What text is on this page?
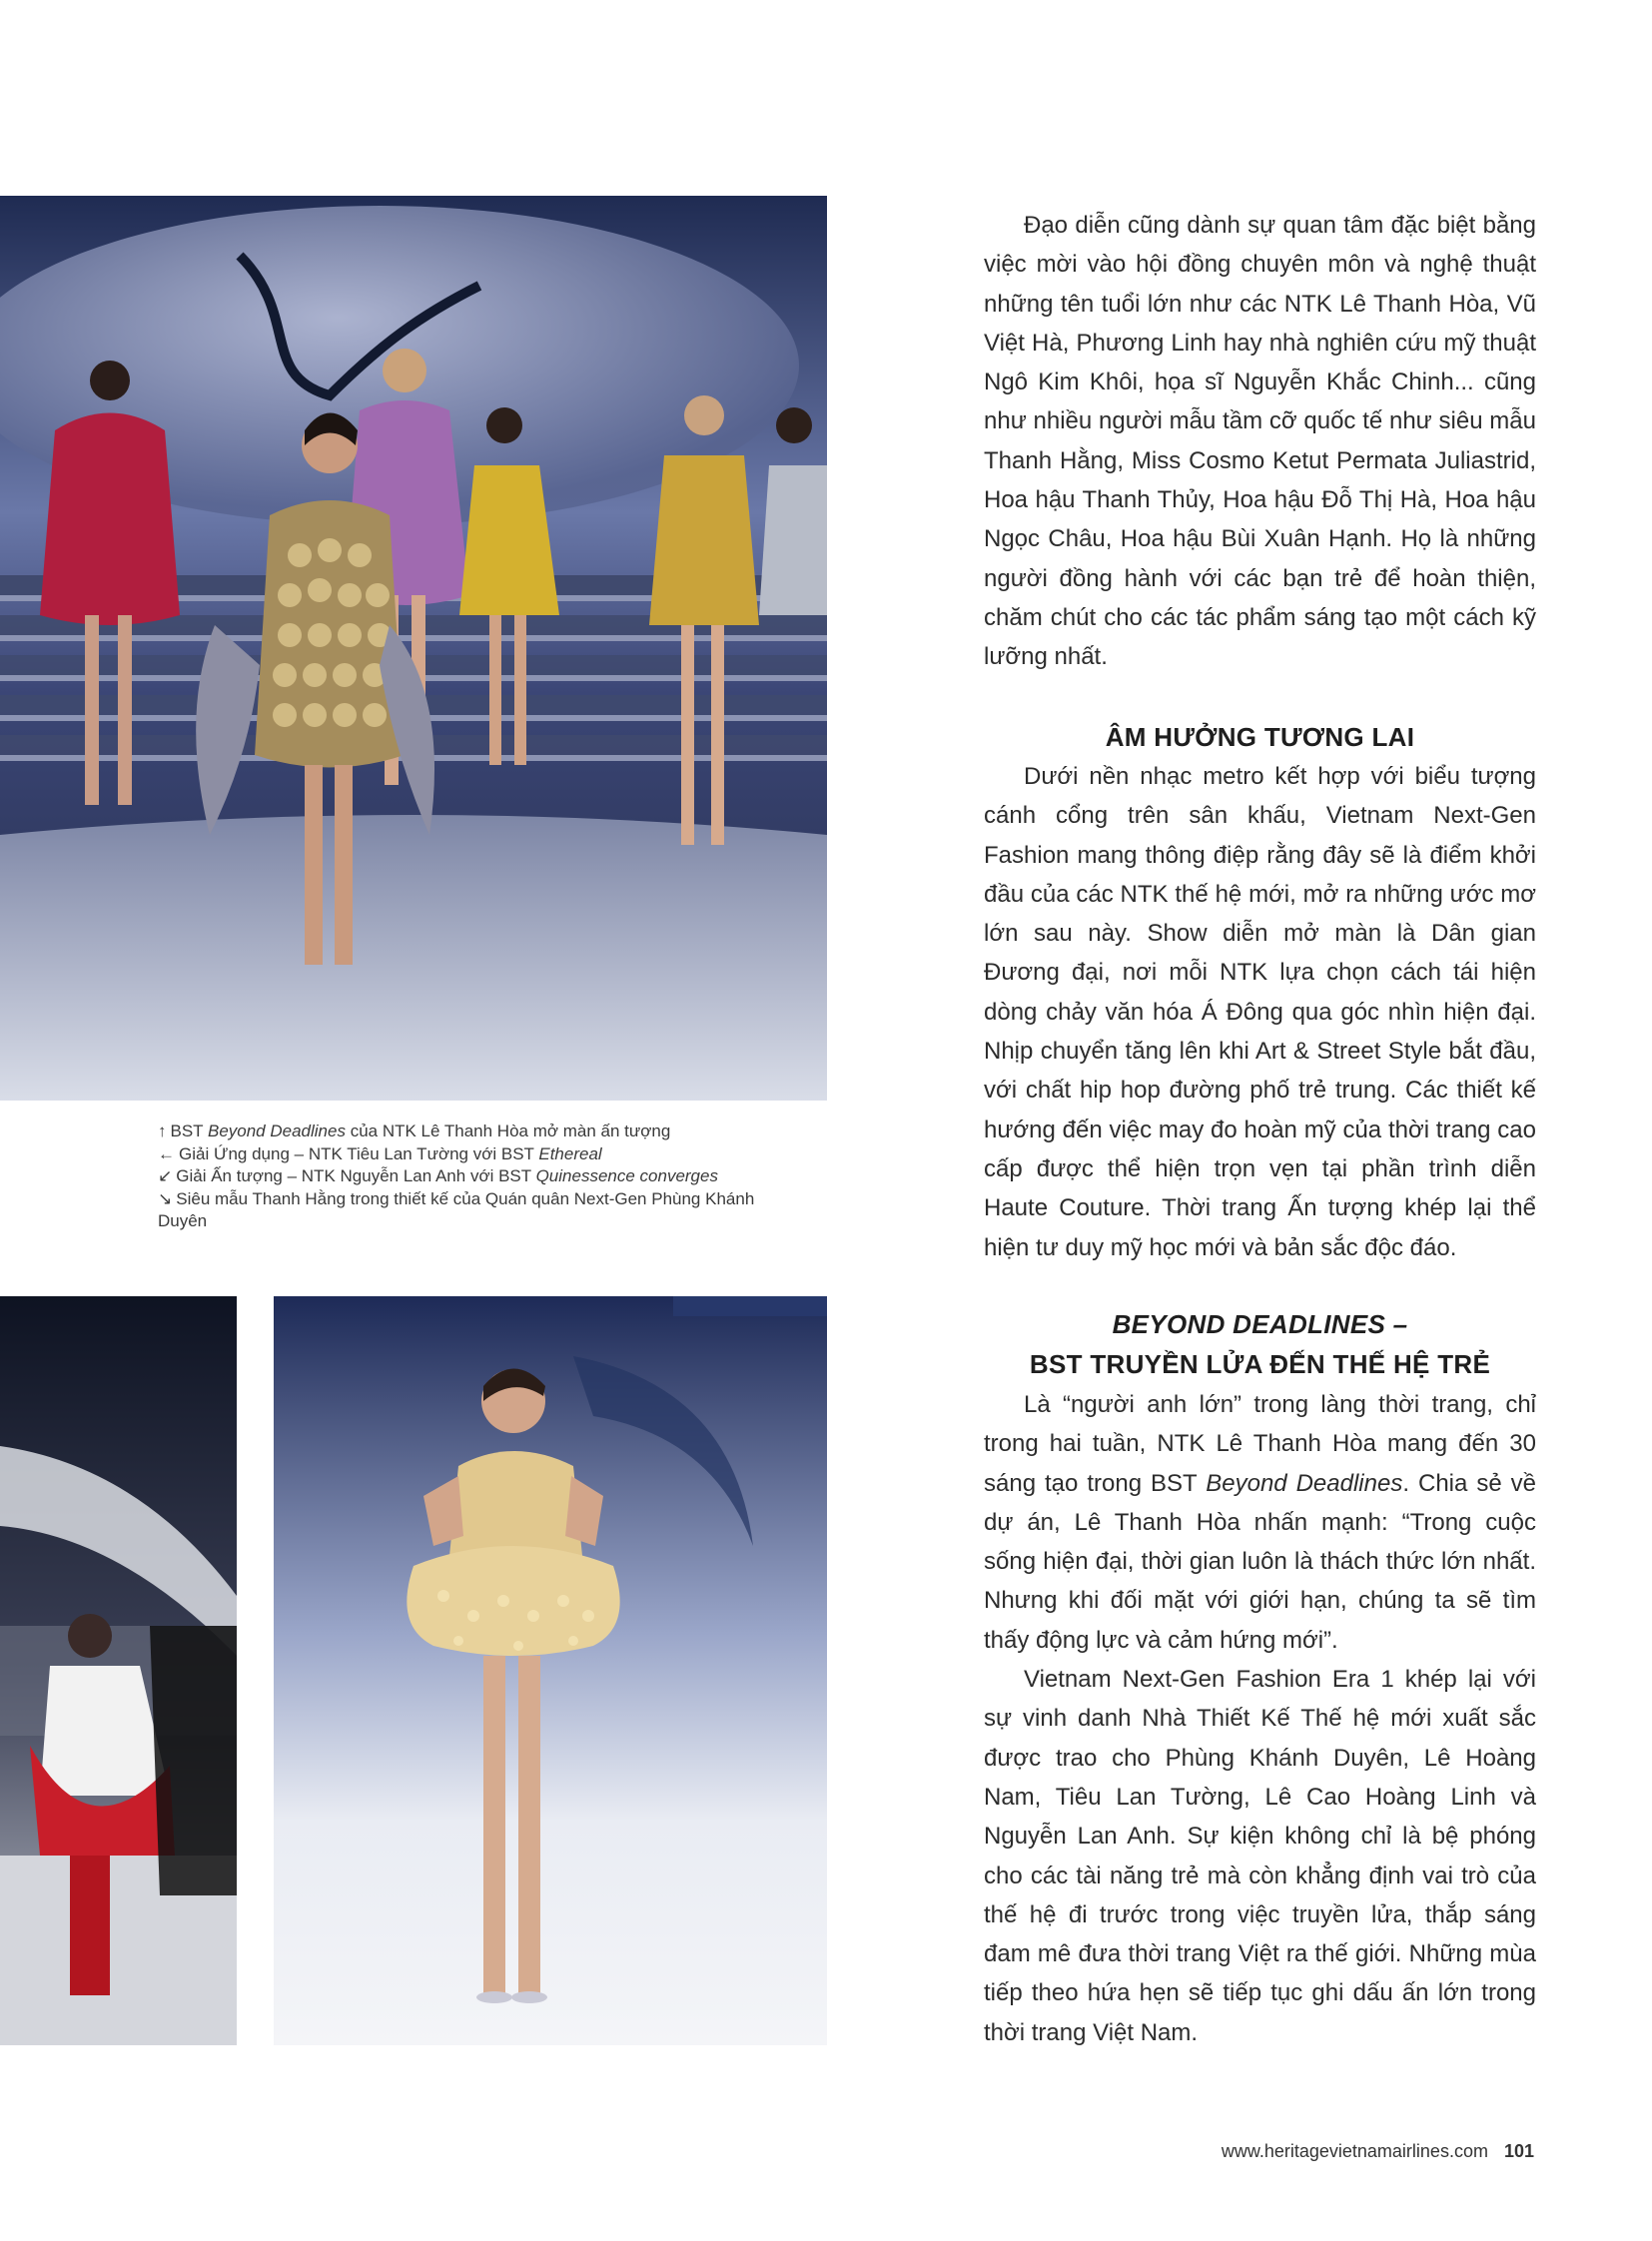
↑ BST Beyond Deadlines của NTK Lê Thanh Hòa mở màn ấn tượng

← Giải Ứng dụng – NTK Tiêu Lan Tường với BST Ethereal

↙ Giải Ấn tượng – NTK Nguyễn Lan Anh với BST Quinessence converges

↘ Siêu mẫu Thanh Hằng trong thiết kế của Quán quân Next-Gen Phùng Khánh Duyên

Đạo diễn cũng dành sự quan tâm đặc biệt bằng việc mời vào hội đồng chuyên môn và nghệ thuật những tên tuổi lớn như các NTK Lê Thanh Hòa, Vũ Việt Hà, Phương Linh hay nhà nghiên cứu mỹ thuật Ngô Kim Khôi, họa sĩ Nguyễn Khắc Chinh... cũng như nhiều người mẫu tầm cỡ quốc tế như siêu mẫu Thanh Hằng, Miss Cosmo Ketut Permata Juliastrid, Hoa hậu Thanh Thủy, Hoa hậu Đỗ Thị Hà, Hoa hậu Ngọc Châu, Hoa hậu Bùi Xuân Hạnh. Họ là những người đồng hành với các bạn trẻ để hoàn thiện, chăm chút cho các tác phẩm sáng tạo một cách kỹ lưỡng nhất.

ÂM HƯỞNG TƯƠNG LAI

Dưới nền nhạc metro kết hợp với biểu tượng cánh cổng trên sân khấu, Vietnam Next-Gen Fashion mang thông điệp rằng đây sẽ là điểm khởi đầu của các NTK thế hệ mới, mở ra những ước mơ lớn sau này. Show diễn mở màn là Dân gian Đương đại, nơi mỗi NTK lựa chọn cách tái hiện dòng chảy văn hóa Á Đông qua góc nhìn hiện đại. Nhịp chuyển tăng lên khi Art & Street Style bắt đầu, với chất hip hop đường phố trẻ trung. Các thiết kế hướng đến việc may đo hoàn mỹ của thời trang cao cấp được thể hiện trọn vẹn tại phần trình diễn Haute Couture. Thời trang Ấn tượng khép lại thể hiện tư duy mỹ học mới và bản sắc độc đáo.

BEYOND DEADLINES –
BST TRUYỀN LỬA ĐẾN THẾ HỆ TRẺ

Là “người anh lớn” trong làng thời trang, chỉ trong hai tuần, NTK Lê Thanh Hòa mang đến 30 sáng tạo trong BST Beyond Deadlines. Chia sẻ về dự án, Lê Thanh Hòa nhấn mạnh: “Trong cuộc sống hiện đại, thời gian luôn là thách thức lớn nhất. Nhưng khi đối mặt với giới hạn, chúng ta sẽ tìm thấy động lực và cảm hứng mới”.

Vietnam Next-Gen Fashion Era 1 khép lại với sự vinh danh Nhà Thiết Kế Thế hệ mới xuất sắc được trao cho Phùng Khánh Duyên, Lê Hoàng Nam, Tiêu Lan Tường, Lê Cao Hoàng Linh và Nguyễn Lan Anh. Sự kiện không chỉ là bệ phóng cho các tài năng trẻ mà còn khẳng định vai trò của thế hệ đi trước trong việc truyền lửa, thắp sáng đam mê đưa thời trang Việt ra thế giới. Những mùa tiếp theo hứa hẹn sẽ tiếp tục ghi dấu ấn lớn trong thời trang Việt Nam.

www.heritagevietnamairlines.com 101
